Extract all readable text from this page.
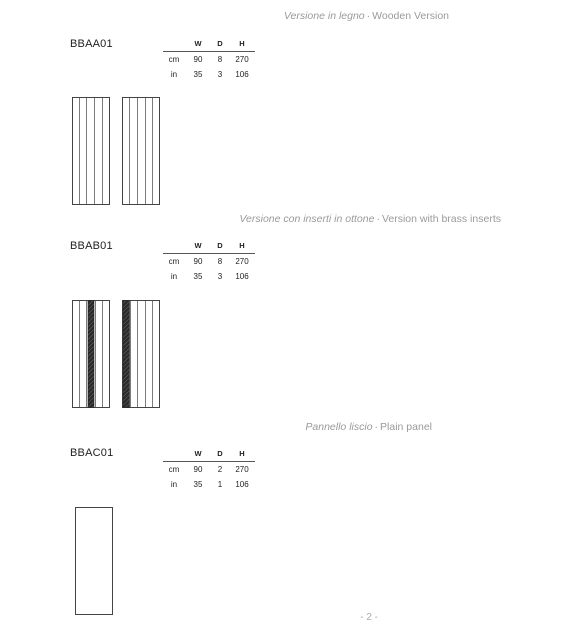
Versione in legno · Wooden Version
BBAA01
		W	D	H
cm	90	8	270
in	35	3	106
Versione con inserti in ottone · Version with brass inserts
BBAB01
		W	D	H
cm	90	8	270
in	35	3	106
Pannello liscio · Plain panel
BBAC01
		W	D	H
cm	90	2	270
in	35	1	106
- 2 -
